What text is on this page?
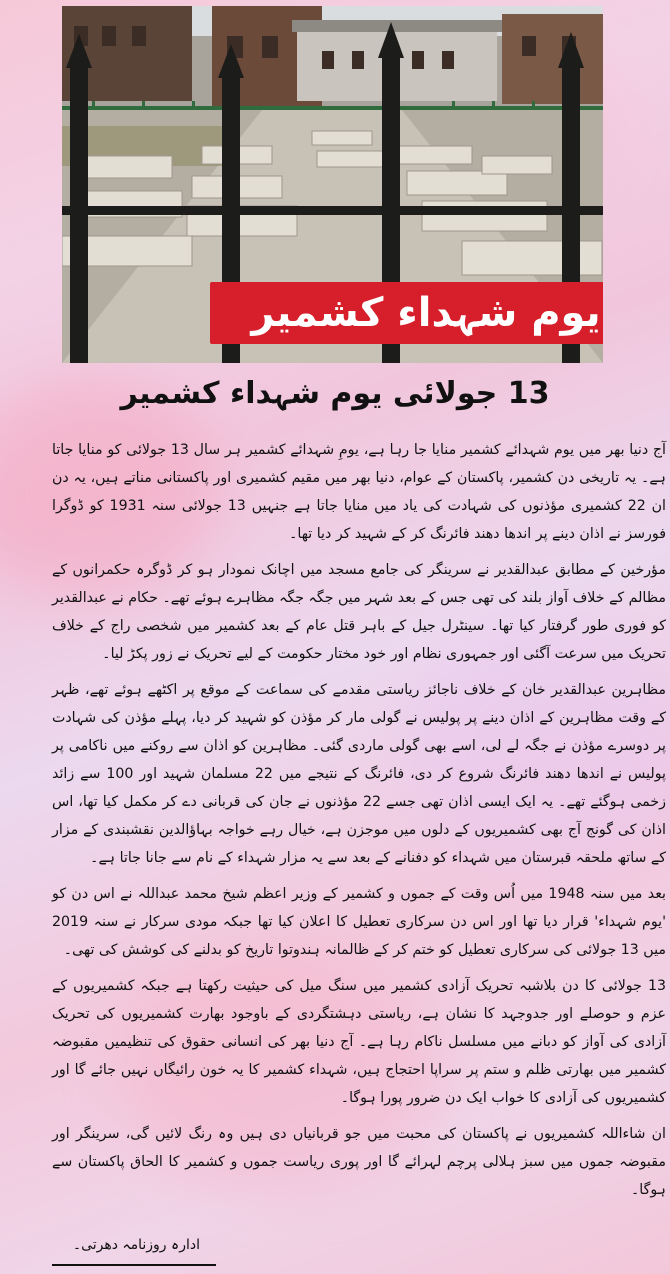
یوم شہداء کشمیر
13 جولائی یوم شہداء کشمیر

آج دنیا بھر میں یوم شہدائے کشمیر منایا جا رہا ہے، یومِ شہدائے کشمیر ہر سال 13 جولائی کو منایا جاتا ہے۔ یہ تاریخی دن کشمیر، پاکستان کے عوام، دنیا بھر میں مقیم کشمیری اور پاکستانی مناتے ہیں، یہ دن ان 22 کشمیری مؤذنوں کی شہادت کی یاد میں منایا جاتا ہے جنہیں 13 جولائی سنہ 1931 کو ڈوگرا فورسز نے اذان دینے پر اندھا دھند فائرنگ کر کے شہید کر دیا تھا۔

مؤرخین کے مطابق عبدالقدیر نے سرینگر کی جامع مسجد میں اچانک نمودار ہو کر ڈوگرہ حکمرانوں کے مظالم کے خلاف آواز بلند کی تھی جس کے بعد شہر میں جگہ جگہ مظاہرے ہوئے تھے۔ حکام نے عبدالقدیر کو فوری طور گرفتار کیا تھا۔ سینٹرل جیل کے باہر قتل عام کے بعد کشمیر میں شخصی راج کے خلاف تحریک میں سرعت آگئی اور جمہوری نظام اور خود مختار حکومت کے لیے تحریک نے زور پکڑ لیا۔

مظاہرین عبدالقدیر خان کے خلاف ناجائز ریاستی مقدمے کی سماعت کے موقع پر اکٹھے ہوئے تھے، ظہر کے وقت مظاہرین کے اذان دینے پر پولیس نے گولی مار کر مؤذن کو شہید کر دیا، پہلے مؤذن کی شہادت پر دوسرے مؤذن نے جگہ لے لی، اسے بھی گولی ماردی گئی۔ مظاہرین کو اذان سے روکنے میں ناکامی پر پولیس نے اندھا دھند فائرنگ شروع کر دی، فائرنگ کے نتیجے میں 22 مسلمان شہید اور 100 سے زائد زخمی ہوگئے تھے۔ یہ ایک ایسی اذان تھی جسے 22 مؤذنوں نے جان کی قربانی دے کر مکمل کیا تھا، اس اذان کی گونج آج بھی کشمیریوں کے دلوں میں موجزن ہے، خیال رہے خواجہ بہاؤالدین نقشبندی کے مزار کے ساتھ ملحقہ قبرستان میں شہداء کو دفنانے کے بعد سے یہ مزار شہداء کے نام سے جانا جاتا ہے۔

بعد میں سنہ 1948 میں اُس وقت کے جموں و کشمیر کے وزیر اعظم شیخ محمد عبداللہ نے اس دن کو 'یوم شہداء' قرار دیا تھا اور اس دن سرکاری تعطیل کا اعلان کیا تھا جبکہ مودی سرکار نے سنہ 2019 میں 13 جولائی کی سرکاری تعطیل کو ختم کر کے ظالمانہ ہندوتوا تاریخ کو بدلنے کی کوشش کی تھی۔

13 جولائی کا دن بلاشبہ تحریک آزادی کشمیر میں سنگ میل کی حیثیت رکھتا ہے جبکہ کشمیریوں کے عزم و حوصلے اور جدوجہد کا نشان ہے، ریاستی دہشتگردی کے باوجود بھارت کشمیریوں کی تحریک آزادی کی آواز کو دبانے میں مسلسل ناکام رہا ہے۔ آج دنیا بھر کی انسانی حقوق کی تنظیمیں مقبوضہ کشمیر میں بھارتی ظلم و ستم پر سراپا احتجاج ہیں، شہداء کشمیر کا یہ خون رائیگاں نہیں جائے گا اور کشمیریوں کی آزادی کا خواب ایک دن ضرور پورا ہوگا۔

ان شاءاللہ کشمیریوں نے پاکستان کی محبت میں جو قربانیاں دی ہیں وہ رنگ لائیں گی، سرینگر اور مقبوضہ جموں میں سبز ہلالی پرچم لہرائے گا اور پوری ریاست جموں و کشمیر کا الحاق پاکستان سے ہوگا۔

ادارہ روزنامہ دھرتی۔
